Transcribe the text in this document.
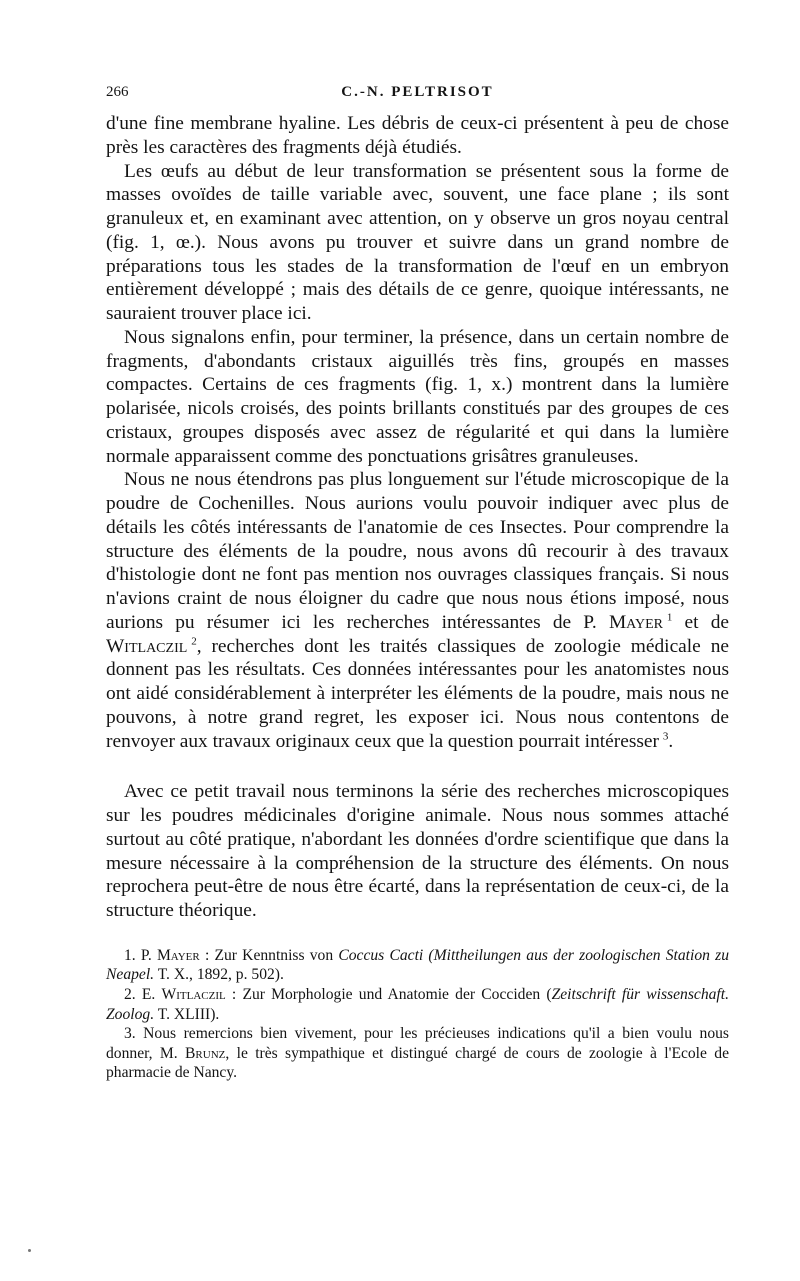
266	C.-N. PELTRISOT

d'une fine membrane hyaline. Les débris de ceux-ci présentent à peu de chose près les caractères des fragments déjà étudiés.

Les œufs au début de leur transformation se présentent sous la forme de masses ovoïdes de taille variable avec, souvent, une face plane ; ils sont granuleux et, en examinant avec attention, on y observe un gros noyau central (fig. 1, œ.). Nous avons pu trouver et suivre dans un grand nombre de préparations tous les stades de la transformation de l'œuf en un embryon entièrement développé ; mais des détails de ce genre, quoique intéressants, ne sauraient trouver place ici.

Nous signalons enfin, pour terminer, la présence, dans un certain nombre de fragments, d'abondants cristaux aiguillés très fins, groupés en masses compactes. Certains de ces fragments (fig. 1, x.) montrent dans la lumière polarisée, nicols croisés, des points brillants constitués par des groupes de ces cristaux, groupes disposés avec assez de régularité et qui dans la lumière normale apparaissent comme des ponctuations grisâtres granuleuses.

Nous ne nous étendrons pas plus longuement sur l'étude microscopique de la poudre de Cochenilles. Nous aurions voulu pouvoir indiquer avec plus de détails les côtés intéressants de l'anatomie de ces Insectes. Pour comprendre la structure des éléments de la poudre, nous avons dû recourir à des travaux d'histologie dont ne font pas mention nos ouvrages classiques français. Si nous n'avions craint de nous éloigner du cadre que nous nous étions imposé, nous aurions pu résumer ici les recherches intéressantes de P. Mayer  $^1$ et de Witlaczil  $^2$, recherches dont les traités classiques de zoologie médicale ne donnent pas les résultats. Ces données intéressantes pour les anatomistes nous ont aidé considérablement à interpréter les éléments de la poudre, mais nous ne pouvons, à notre grand regret, les exposer ici. Nous nous contentons de renvoyer aux travaux originaux ceux que la question pourrait intéresser  $^3$.

Avec ce petit travail nous terminons la série des recherches microscopiques sur les poudres médicinales d'origine animale. Nous nous sommes attaché surtout au côté pratique, n'abordant les données d'ordre scientifique que dans la mesure nécessaire à la compréhension de la structure des éléments. On nous reprochera peut-être de nous être écarté, dans la représentation de ceux-ci, de la structure théorique.

1. P. Mayer : Zur Kenntniss von Coccus Cacti (Mittheilungen aus der zoologischen Station zu Neapel. T. X., 1892, p. 502).

2. E. Witlaczil : Zur Morphologie und Anatomie der Cocciden (Zeitschrift für wissenschaft. Zoolog. T. XLIII).

3. Nous remercions bien vivement, pour les précieuses indications qu'il a bien voulu nous donner, M. Brunz, le très sympathique et distingué chargé de cours de zoologie à l'Ecole de pharmacie de Nancy.
